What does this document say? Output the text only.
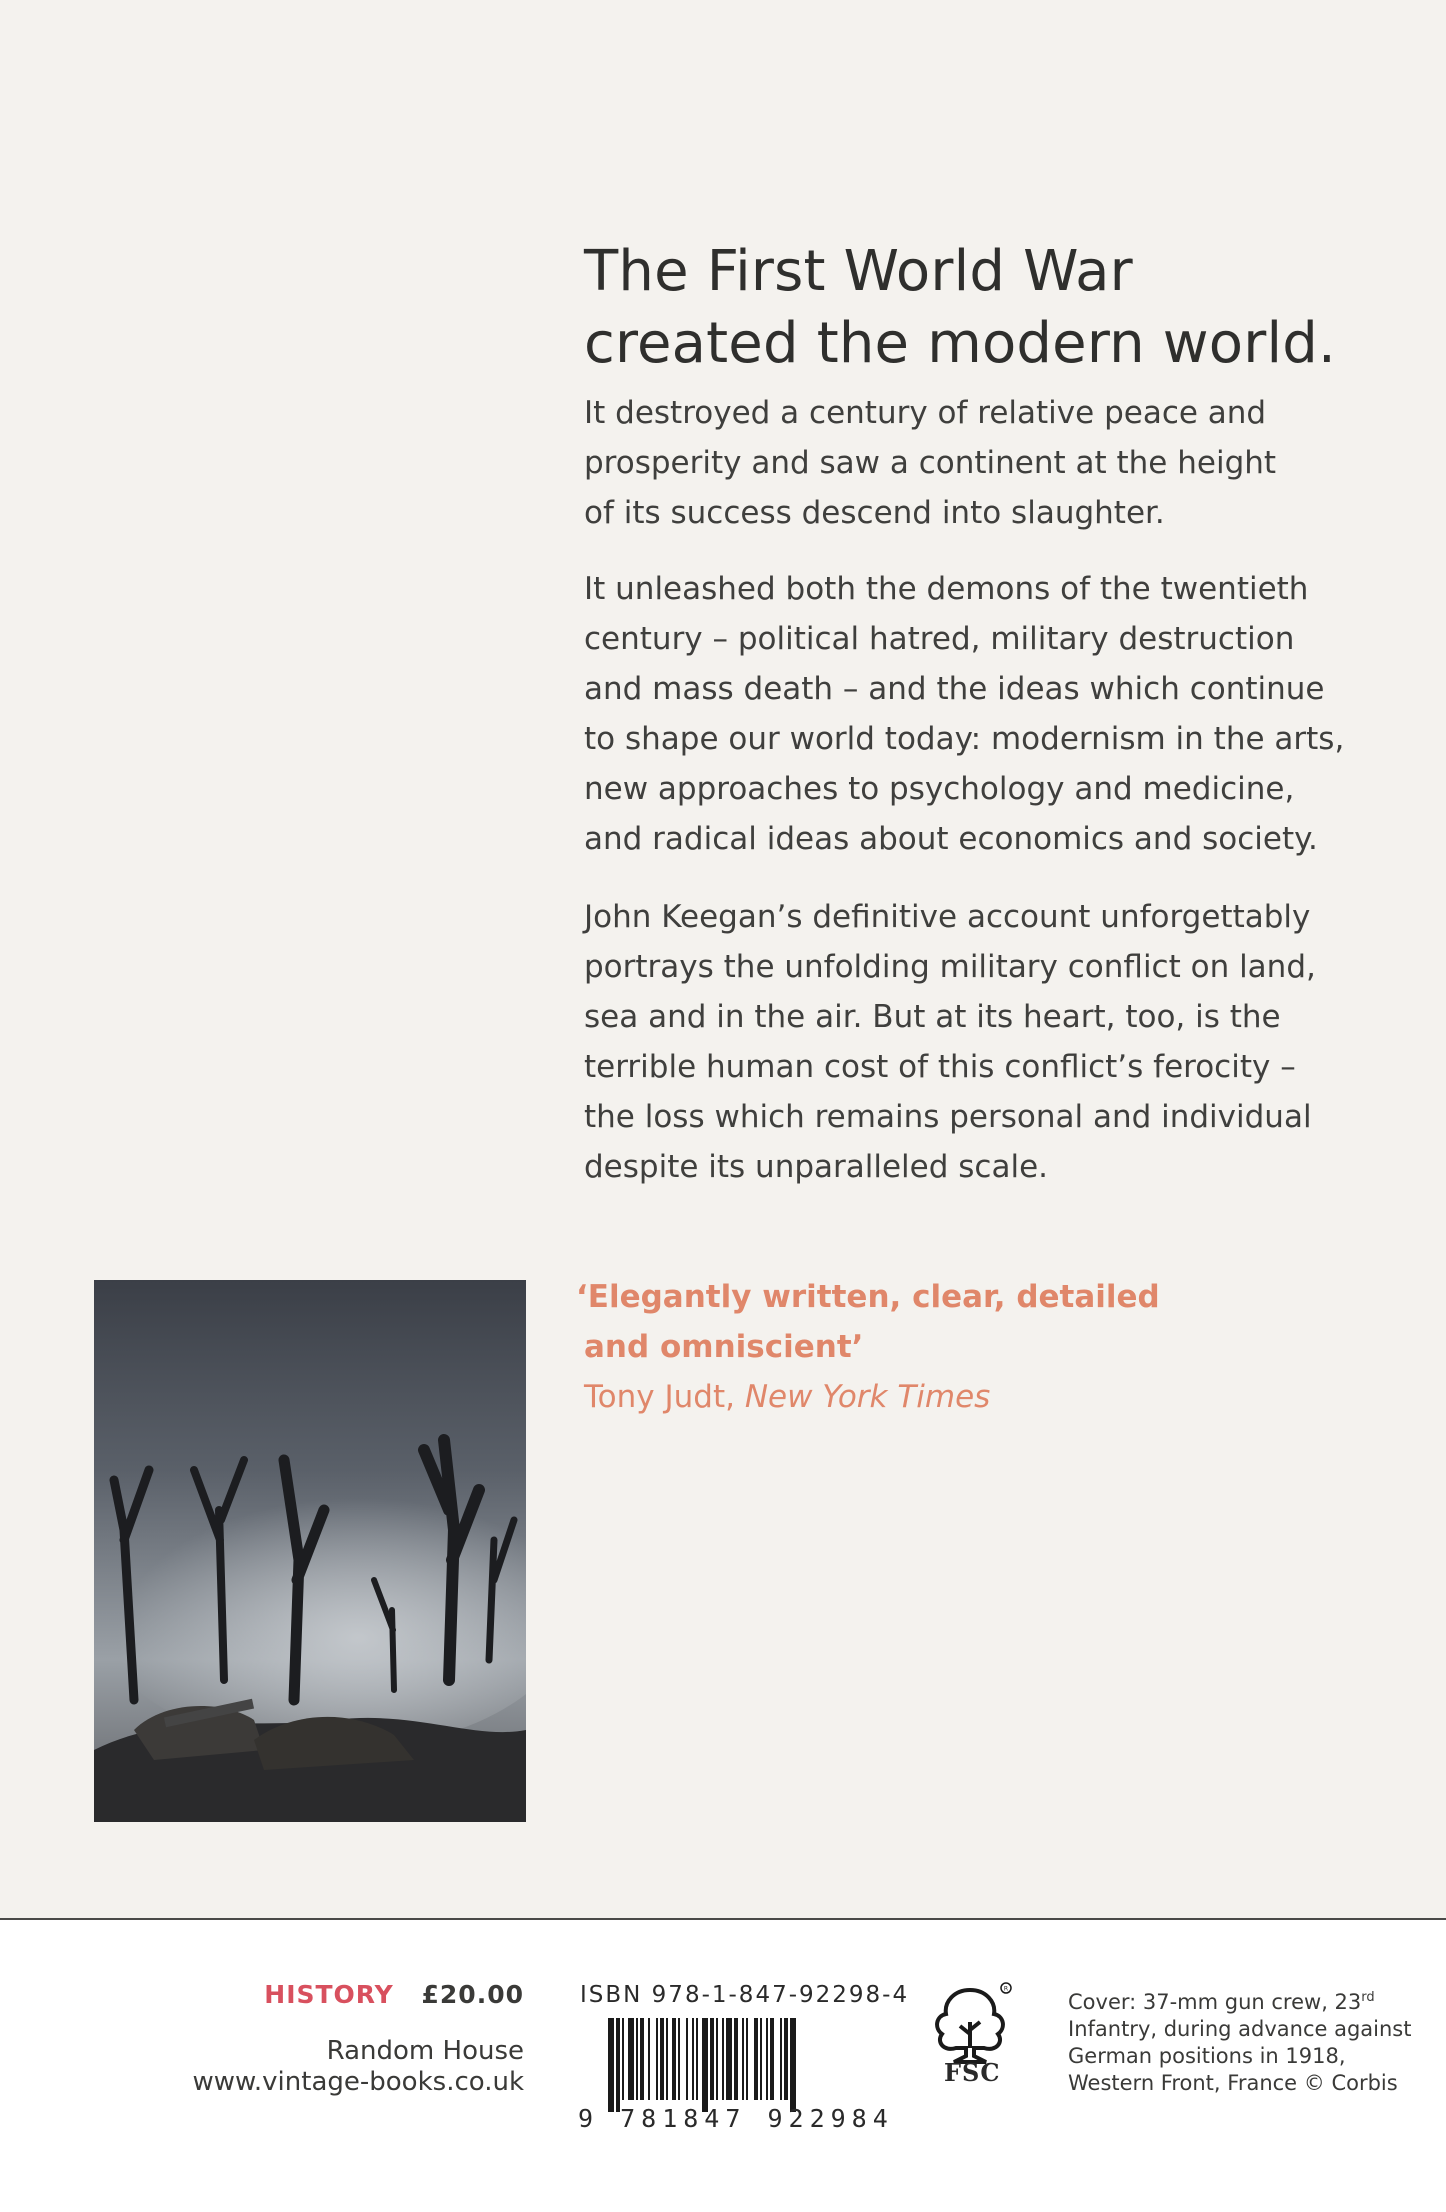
The First World War
created the modern world.

It destroyed a century of relative peace and
prosperity and saw a continent at the height
of its success descend into slaughter.

It unleashed both the demons of the twentieth
century – political hatred, military destruction
and mass death – and the ideas which continue
to shape our world today: modernism in the arts,
new approaches to psychology and medicine,
and radical ideas about economics and society.

John Keegan’s definitive account unforgettably
portrays the unfolding military conflict on land,
sea and in the air. But at its heart, too, is the
terrible human cost of this conflict’s ferocity –
the loss which remains personal and individual
despite its unparalleled scale.

‘Elegantly written, clear, detailed
and omniscient’
Tony Judt, New York Times

HISTORY £20.00
Random House
www.vintage-books.co.uk
ISBN 978-1-847-92298-4
9 781847 922984
R
FSC
Cover: 37-mm gun crew, 23rd
Infantry, during advance against
German positions in 1918,
Western Front, France © Corbis
